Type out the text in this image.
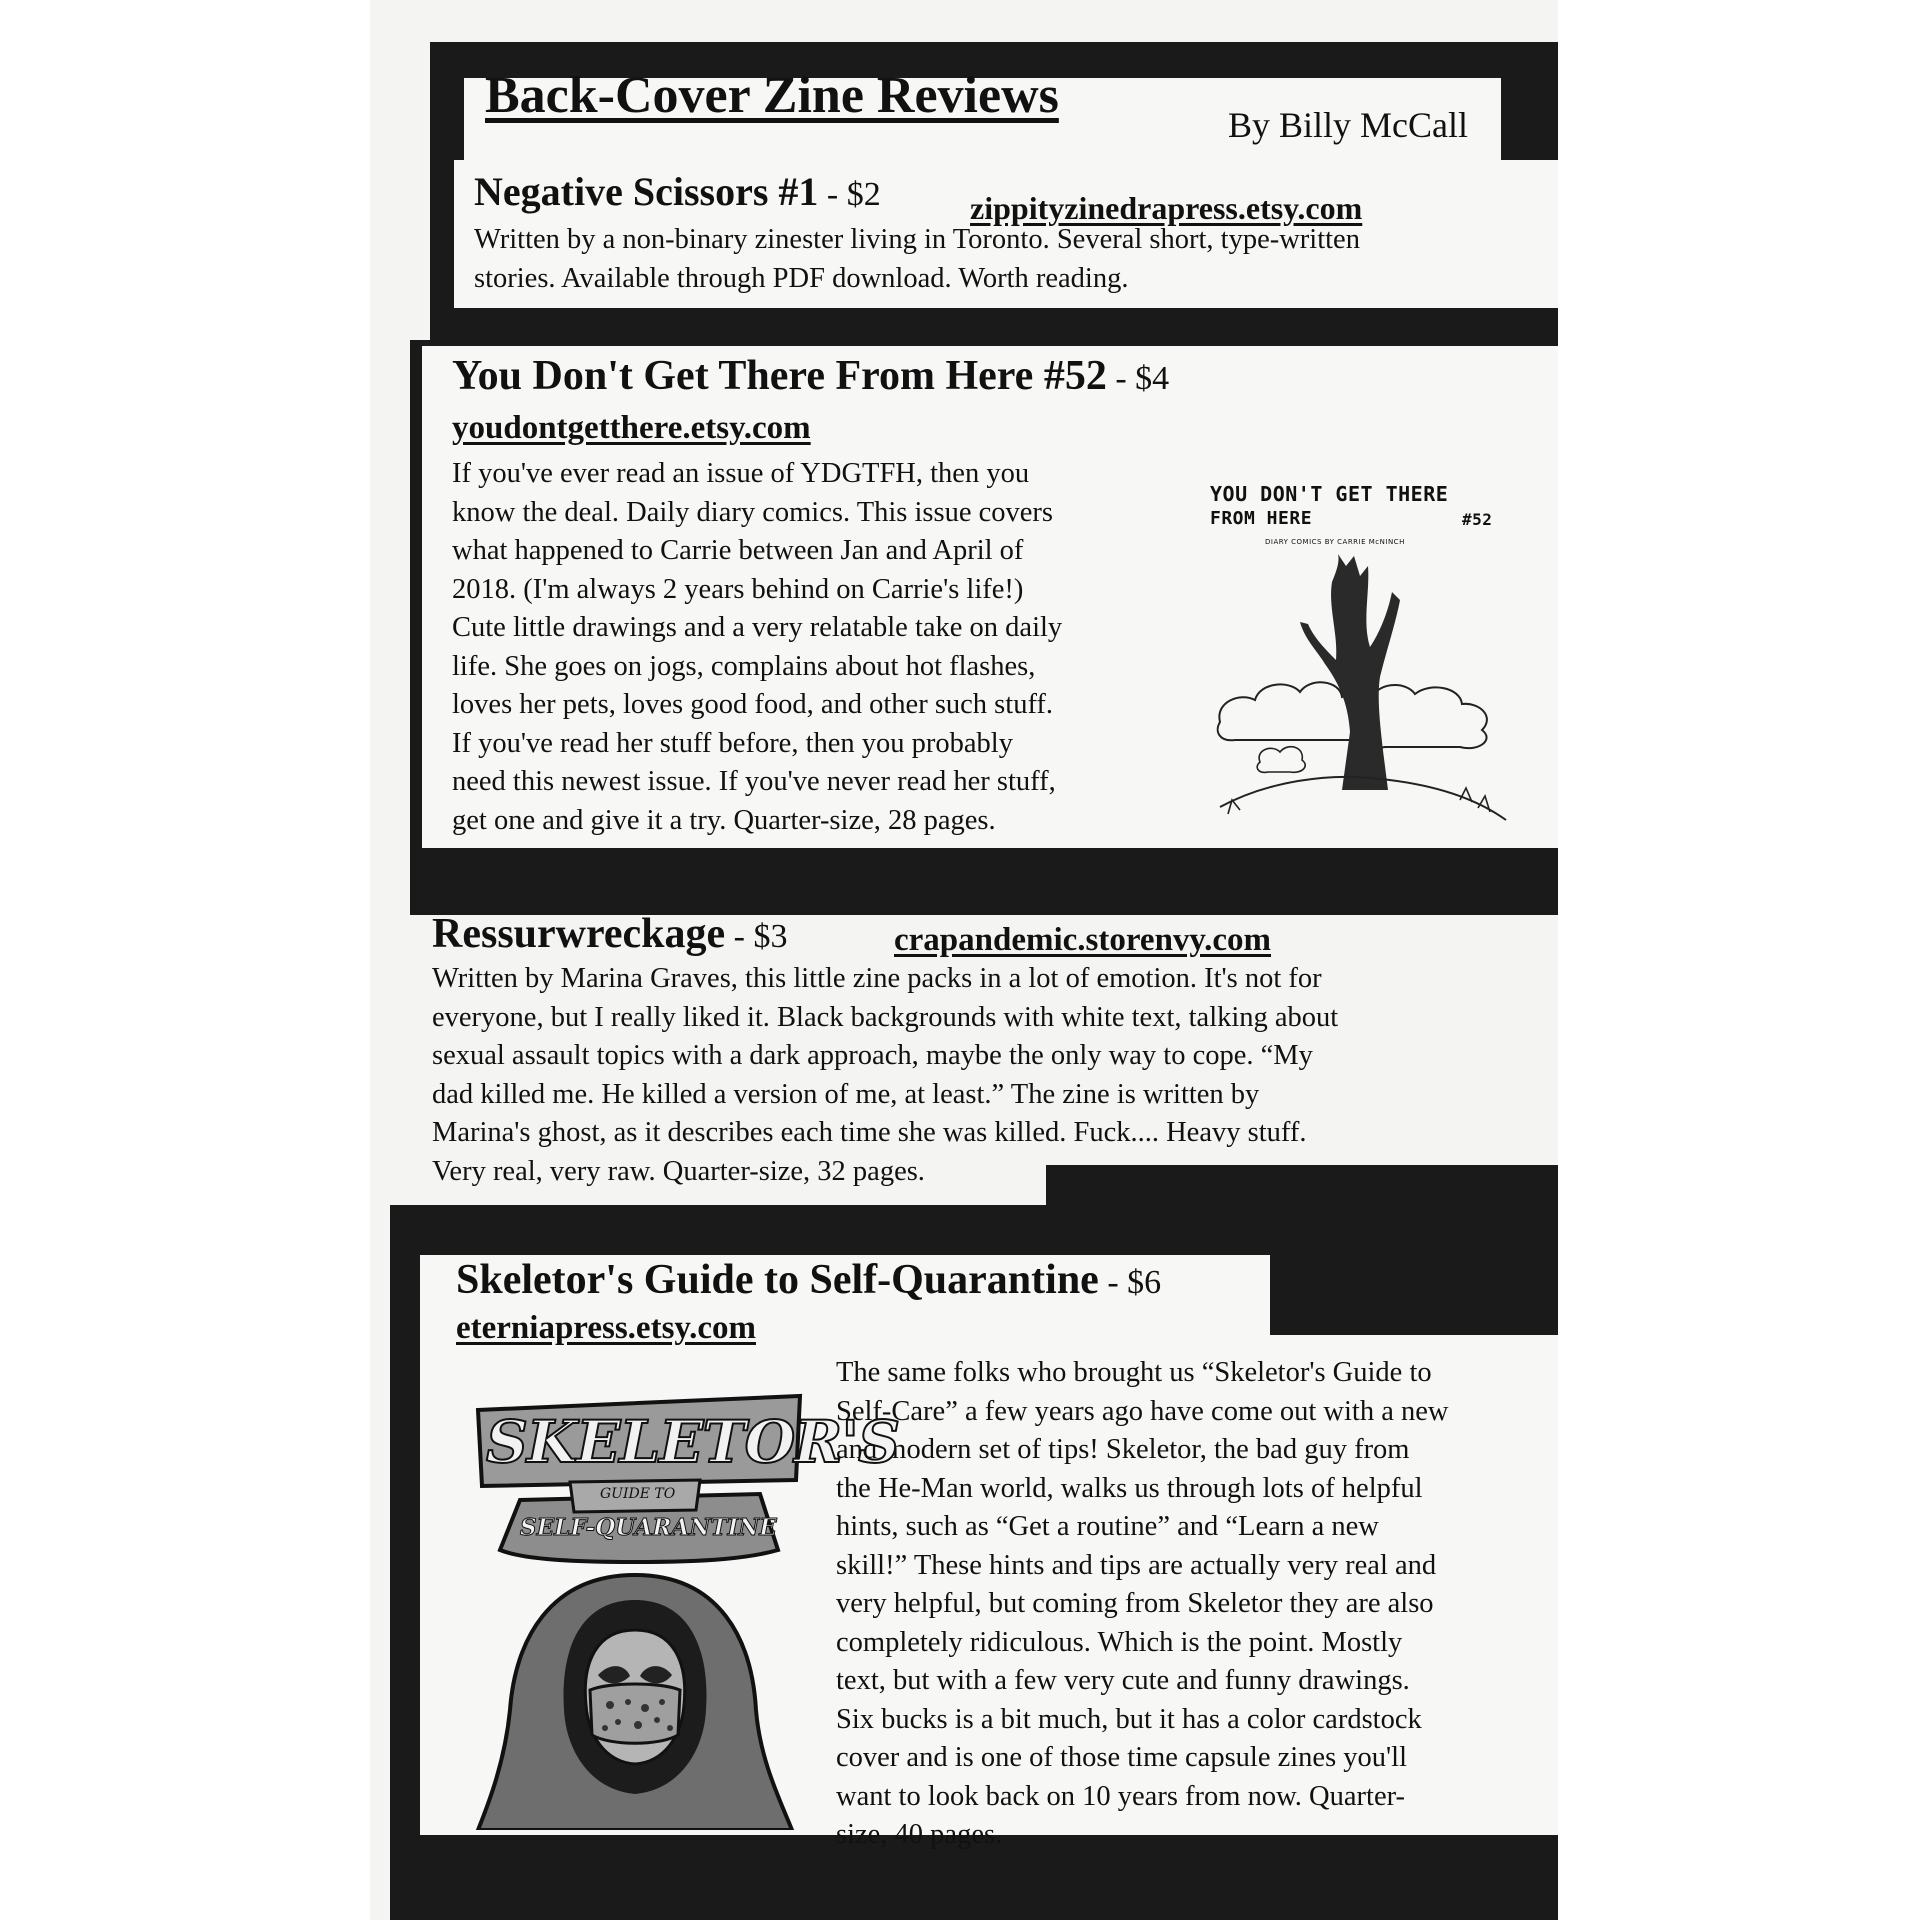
Back-Cover Zine Reviews
By Billy McCall
Negative Scissors #1 - $2	zippityzinedrapress.etsy.com
Written by a non-binary zinester living in Toronto. Several short, type-written
stories. Available through PDF download. Worth reading.
You Don't Get There From Here #52 - $4
youdontgetthere.etsy.com
If you've ever read an issue of YDGTFH, then you
know the deal. Daily diary comics. This issue covers
what happened to Carrie between Jan and April of
2018. (I'm always 2 years behind on Carrie's life!)
Cute little drawings and a very relatable take on daily
life. She goes on jogs, complains about hot flashes,
loves her pets, loves good food, and other such stuff.
If you've read her stuff before, then you probably
need this newest issue. If you've never read her stuff,
get one and give it a try. Quarter-size, 28 pages.
YOU DON'T GET THERE
FROM HERE	#52
DIARY COMICS BY CARRIE McNINCH
Ressurwreckage - $3	crapandemic.storenvy.com
Written by Marina Graves, this little zine packs in a lot of emotion. It's not for
everyone, but I really liked it. Black backgrounds with white text, talking about
sexual assault topics with a dark approach, maybe the only way to cope. “My
dad killed me. He killed a version of me, at least.” The zine is written by
Marina's ghost, as it describes each time she was killed. Fuck.... Heavy stuff.
Very real, very raw. Quarter-size, 32 pages.
Skeletor's Guide to Self-Quarantine - $6
eterniapress.etsy.com
The same folks who brought us “Skeletor's Guide to
Self-Care” a few years ago have come out with a new
and modern set of tips! Skeletor, the bad guy from
the He-Man world, walks us through lots of helpful
hints, such as “Get a routine” and “Learn a new
skill!” These hints and tips are actually very real and
very helpful, but coming from Skeletor they are also
completely ridiculous. Which is the point. Mostly
text, but with a few very cute and funny drawings.
Six bucks is a bit much, but it has a color cardstock
cover and is one of those time capsule zines you'll
want to look back on 10 years from now. Quarter-
size, 40 pages.
SKELETOR'S
GUIDE TO
SELF-QUARANTINE
